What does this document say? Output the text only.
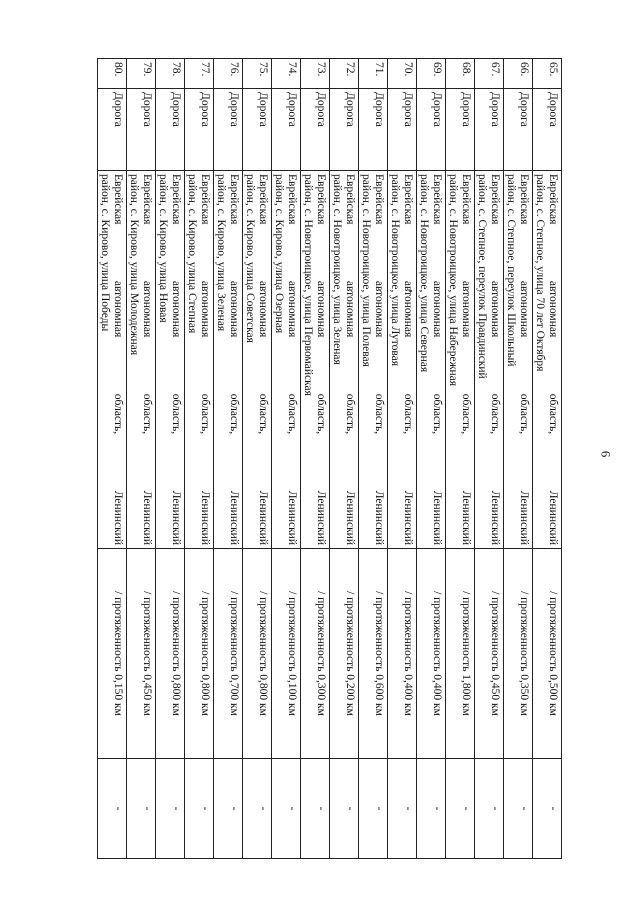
6
65.	Дорога	Еврейская
автономная
область,
Ленинский
район, с. Степное, улица 70 лет Октября	/ протяженность 0,500 км	-
66.	Дорога	Еврейская
автономная
область,
Ленинский
район, с. Степное, переулок Школьный	/ протяженность 0,350 км	-
67.	Дорога	Еврейская
автономная
область,
Ленинский
район, с. Степное, переулок Правдинский	/ протяженность 0,450 км	-
68.	Дорога	Еврейская
автономная
область,
Ленинский
район, с. Новотроицкое, улица Набережная	/ протяженность 1,800 км	-
69.	Дорога	Еврейская
автономная
область,
Ленинский
район, с. Новотроицкое, улица Северная	/ протяженность 0,400 км	-
70.	Дорога	Еврейская
автономная
область,
Ленинский
район, с. Новотроицкое, улица Лутовая	/ протяженность 0,400 км	-
71.	Дорога	Еврейская
автономная
область,
Ленинский
район, с. Новотроицкое, улица Полевая	/ протяженность 0,600 км	-
72.	Дорога	Еврейская
автономная
область,
Ленинский
район, с. Новотроицкое, улица Зеленая	/ протяженность 0,200 км	-
73.	Дорога	Еврейская
автономная
область,
Ленинский
район, с. Новотроицкое, улица Первомайская	/ протяженность 0,300 км	-
74.	Дорога	Еврейская
автономная
область,
Ленинский
район, с. Кирово, улица Озерная	/ протяженность 0,100 км	-
75.	Дорога	Еврейская
автономная
область,
Ленинский
район, с. Кирово, улица Советская	/ протяженность 0,800 км	-
76.	Дорога	Еврейская
автономная
область,
Ленинский
район, с. Кирово, улица Зеленая	/ протяженность 0,700 км	-
77.	Дорога	Еврейская
автономная
область,
Ленинский
район, с. Кирово, улица Степная	/ протяженность 0,800 км	-
78.	Дорога	Еврейская
автономная
область,
Ленинский
район, с. Кирово, улица Новая	/ протяженность 0,800 км	-
79.	Дорога	Еврейская
автономная
область,
Ленинский
район, с. Кирово, улица Молодежная	/ протяженность 0,450 км	-
80.	Дорога	Еврейская
автономная
область,
Ленинский
район, с. Кирово, улица Победы	/ протяженность 0,150 км	-
